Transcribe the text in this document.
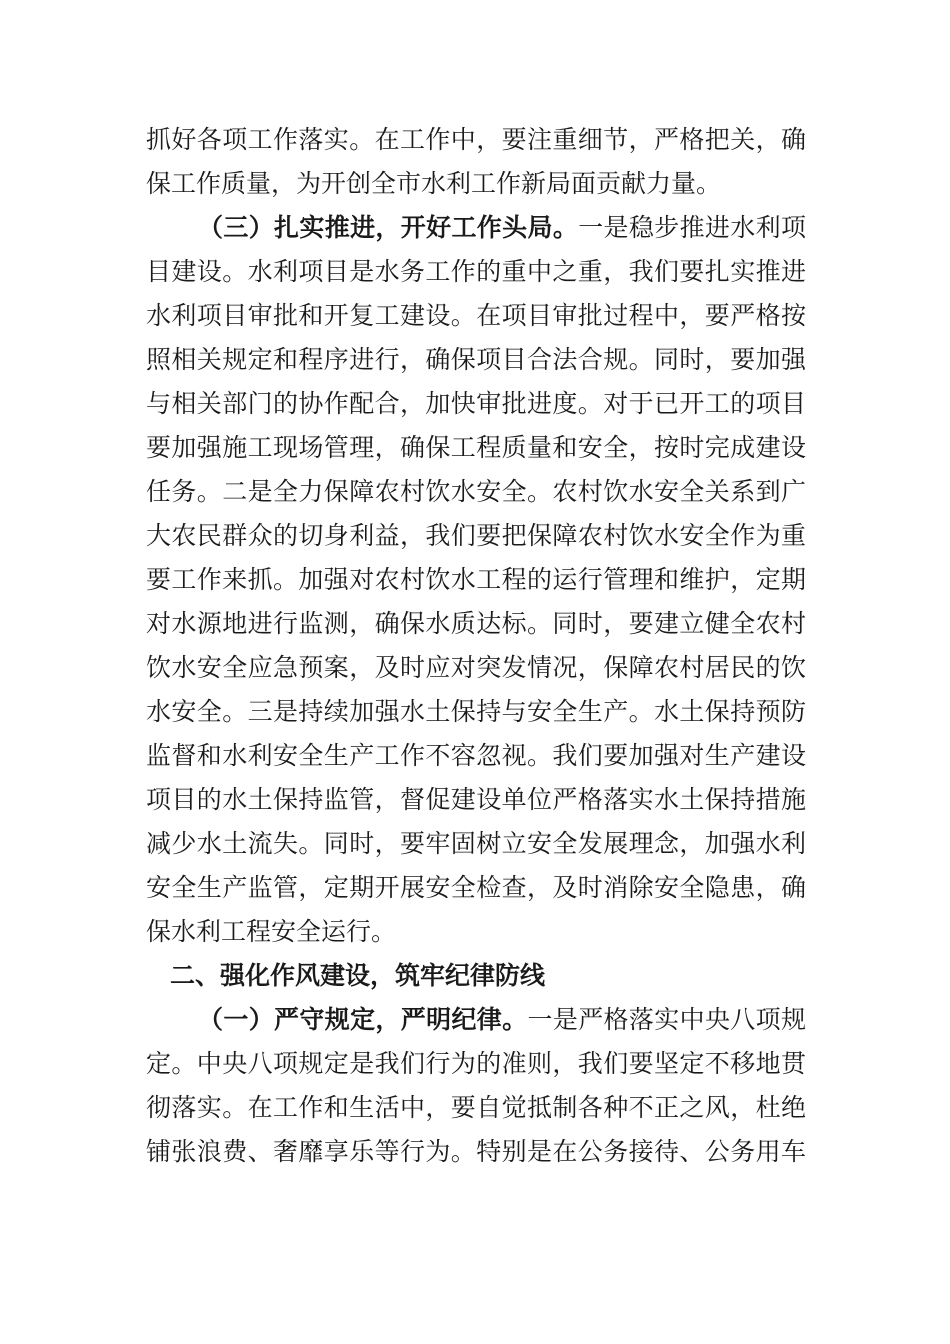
抓好各项工作落实。在工作中，要注重细节，严格把关，确
保工作质量，为开创全市水利工作新局面贡献力量。
（三）扎实推进，开好工作头局。一是稳步推进水利项
目建设。水利项目是水务工作的重中之重，我们要扎实推进
水利项目审批和开复工建设。在项目审批过程中，要严格按
照相关规定和程序进行，确保项目合法合规。同时，要加强
与相关部门的协作配合，加快审批进度。对于已开工的项目
要加强施工现场管理，确保工程质量和安全，按时完成建设
任务。二是全力保障农村饮水安全。农村饮水安全关系到广
大农民群众的切身利益，我们要把保障农村饮水安全作为重
要工作来抓。加强对农村饮水工程的运行管理和维护，定期
对水源地进行监测，确保水质达标。同时，要建立健全农村
饮水安全应急预案，及时应对突发情况，保障农村居民的饮
水安全。三是持续加强水土保持与安全生产。水土保持预防
监督和水利安全生产工作不容忽视。我们要加强对生产建设
项目的水土保持监管，督促建设单位严格落实水土保持措施
减少水土流失。同时，要牢固树立安全发展理念，加强水利
安全生产监管，定期开展安全检查，及时消除安全隐患，确
保水利工程安全运行。
二、强化作风建设，筑牢纪律防线
（一）严守规定，严明纪律。一是严格落实中央八项规
定。中央八项规定是我们行为的准则，我们要坚定不移地贯
彻落实。在工作和生活中，要自觉抵制各种不正之风，杜绝
铺张浪费、奢靡享乐等行为。特别是在公务接待、公务用车
